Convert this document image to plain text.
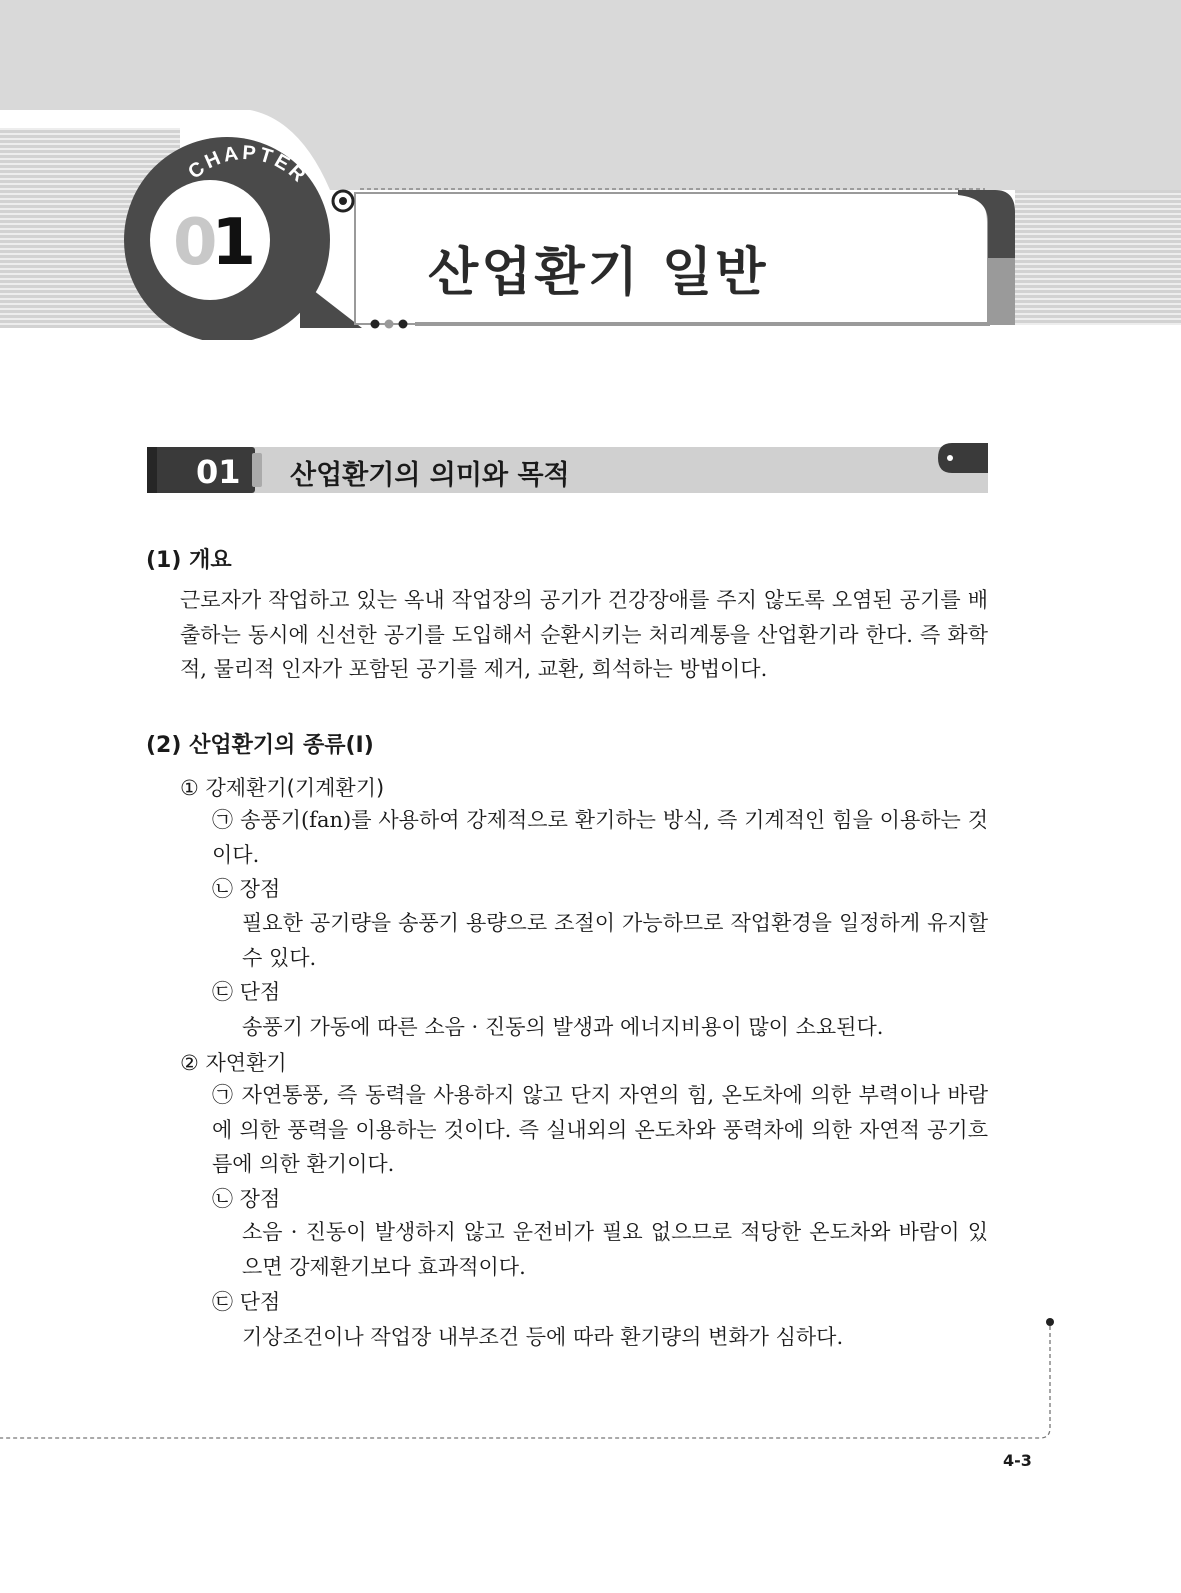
CHAPTER
01	산업환기 일반
01 산업환기의 의미와 목적
(1) 개요
근로자가 작업하고 있는 옥내 작업장의 공기가 건강장애를 주지 않도록 오염된 공기를 배출하는 동시에 신선한 공기를 도입해서 순환시키는 처리계통을 산업환기라 한다. 즉 화학적, 물리적 인자가 포함된 공기를 제거, 교환, 희석하는 방법이다.
(2) 산업환기의 종류(Ⅰ)
① 강제환기(기계환기)
㉠ 송풍기(fan)를 사용하여 강제적으로 환기하는 방식, 즉 기계적인 힘을 이용하는 것이다.
㉡ 장점
필요한 공기량을 송풍기 용량으로 조절이 가능하므로 작업환경을 일정하게 유지할 수 있다.
㉢ 단점
송풍기 가동에 따른 소음 · 진동의 발생과 에너지비용이 많이 소요된다.
② 자연환기
㉠ 자연통풍, 즉 동력을 사용하지 않고 단지 자연의 힘, 온도차에 의한 부력이나 바람에 의한 풍력을 이용하는 것이다. 즉 실내외의 온도차와 풍력차에 의한 자연적 공기흐름에 의한 환기이다.
㉡ 장점
소음 · 진동이 발생하지 않고 운전비가 필요 없으므로 적당한 온도차와 바람이 있으면 강제환기보다 효과적이다.
㉢ 단점
기상조건이나 작업장 내부조건 등에 따라 환기량의 변화가 심하다.
4-3
